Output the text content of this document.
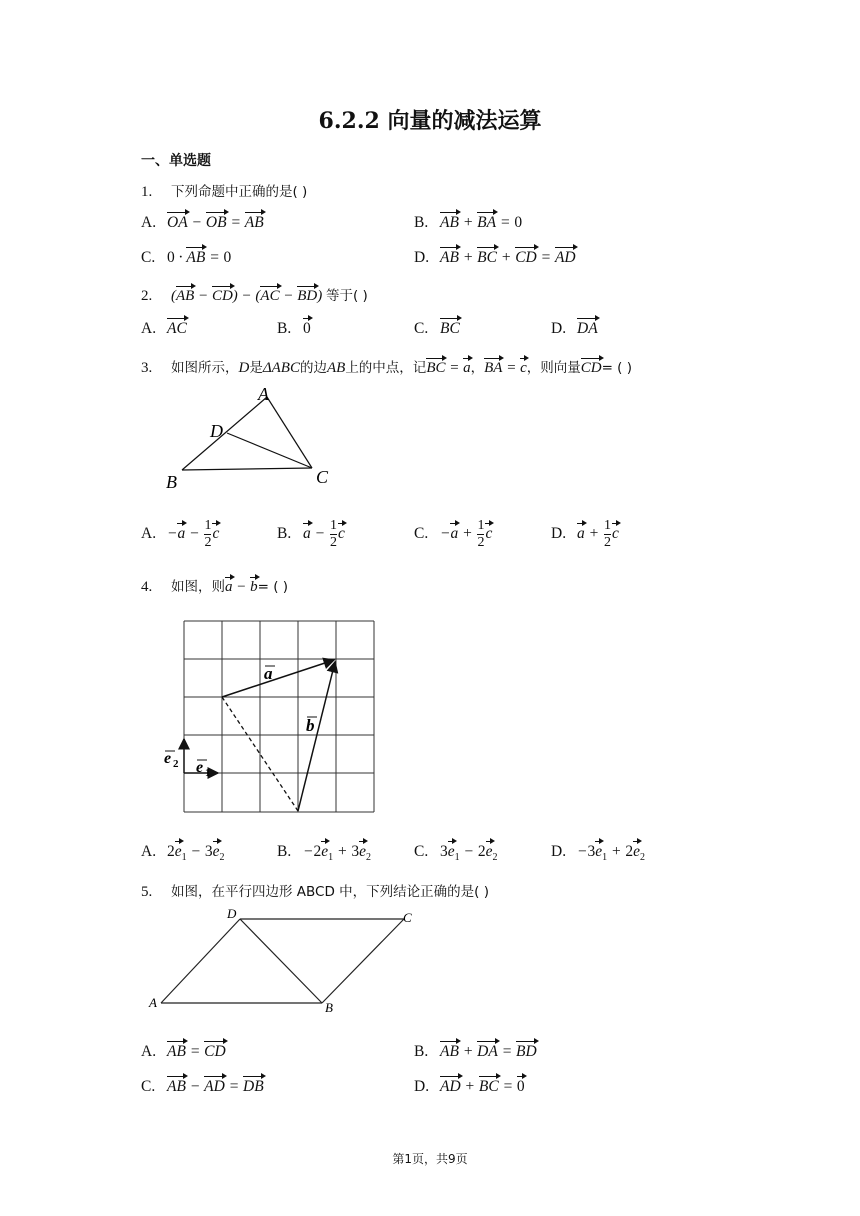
6.2.2 向量的减法运算
一、单选题
1. 下列命题中正确的是( )
A. OA − OB = AB	B. AB + BA = 0
C. 0 · AB = 0	D. AB + BC + CD = AD
2. (AB − CD) − (AC − BD) 等于( )
A. AC	B. 0	C. BC	D. DA
3. 如图所示，D是ΔABC的边AB上的中点，记BC = a，BA = c，则向量CD= ( )
A
D
B	C
A. $-a - \frac{1}{2}$ c	B. $a - \frac{1}{2}$ c	C. $-a + \frac{1}{2}$ c	D. $a + \frac{1}{2}$ c
4. 如图，则a − b= ( )
a
b
e 2 e 1
A. $2e_1 - 3e_2$	B. $-2e_1 + 3e_2$	C. $3e_1 - 2e_2$	D. $-3e_1 + 2e_2$
5. 如图，在平行四边形 ABCD 中，下列结论正确的是( )
A	B
C
D
A. AB = CD	B. AB + DA = BD
C. AB − AD = DB	D. AD + BC = 0
第1页，共9页
